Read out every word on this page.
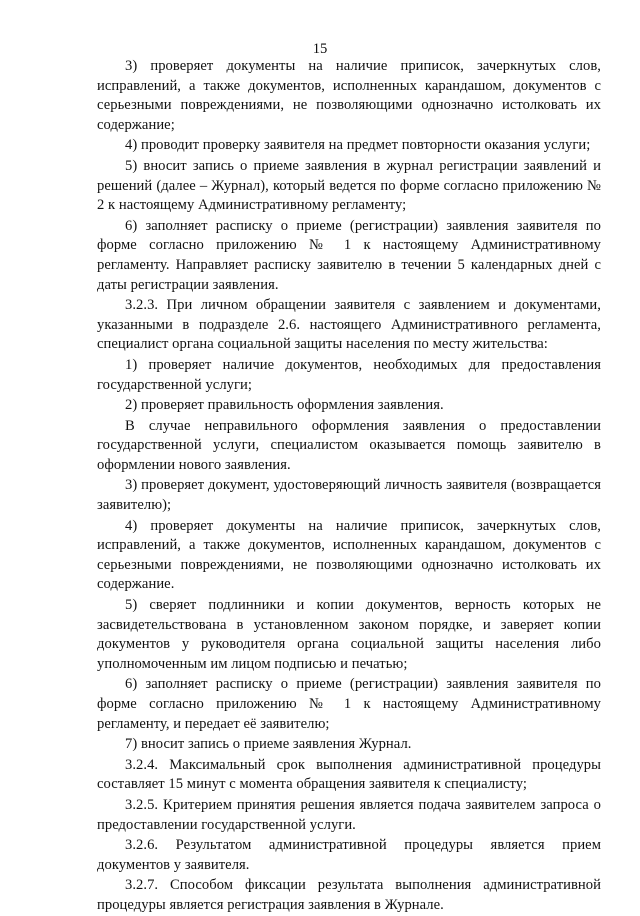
15

3) проверяет документы на наличие приписок, зачеркнутых слов, исправлений, а также документов, исполненных карандашом, документов с серьезными повреждениями, не позволяющими однозначно истолковать их содержание;

4) проводит проверку заявителя на предмет повторности оказания услуги;

5) вносит запись о приеме заявления в журнал регистрации заявлений и решений (далее – Журнал), который ведется по форме согласно приложению № 2 к настоящему Административному регламенту;

6) заполняет расписку о приеме (регистрации) заявления заявителя по форме согласно приложению № 1 к настоящему Административному регламенту. Направляет расписку заявителю в течении 5 календарных дней с даты регистрации заявления.

3.2.3. При личном обращении заявителя с заявлением и документами, указанными в подразделе 2.6. настоящего Административного регламента, специалист органа социальной защиты населения по месту жительства:

1) проверяет наличие документов, необходимых для предоставления государственной услуги;

2) проверяет правильность оформления заявления.

В случае неправильного оформления заявления о предоставлении государственной услуги, специалистом оказывается помощь заявителю в оформлении нового заявления.

3) проверяет документ, удостоверяющий личность заявителя (возвращается заявителю);

4) проверяет документы на наличие приписок, зачеркнутых слов, исправлений, а также документов, исполненных карандашом, документов с серьезными повреждениями, не позволяющими однозначно истолковать их содержание.

5) сверяет подлинники и копии документов, верность которых не засвидетельствована в установленном законом порядке, и заверяет копии документов у руководителя органа социальной защиты населения либо уполномоченным им лицом подписью и печатью;

6) заполняет расписку о приеме (регистрации) заявления заявителя по форме согласно приложению № 1 к настоящему Административному регламенту, и передает её заявителю;

7) вносит запись о приеме заявления Журнал.

3.2.4. Максимальный срок выполнения административной процедуры составляет 15 минут с момента обращения заявителя к специалисту;

3.2.5. Критерием принятия решения является подача заявителем запроса о предоставлении государственной услуги.

3.2.6. Результатом административной процедуры является прием документов у заявителя.

3.2.7. Способом фиксации результата выполнения административной процедуры является регистрация заявления в Журнале.
